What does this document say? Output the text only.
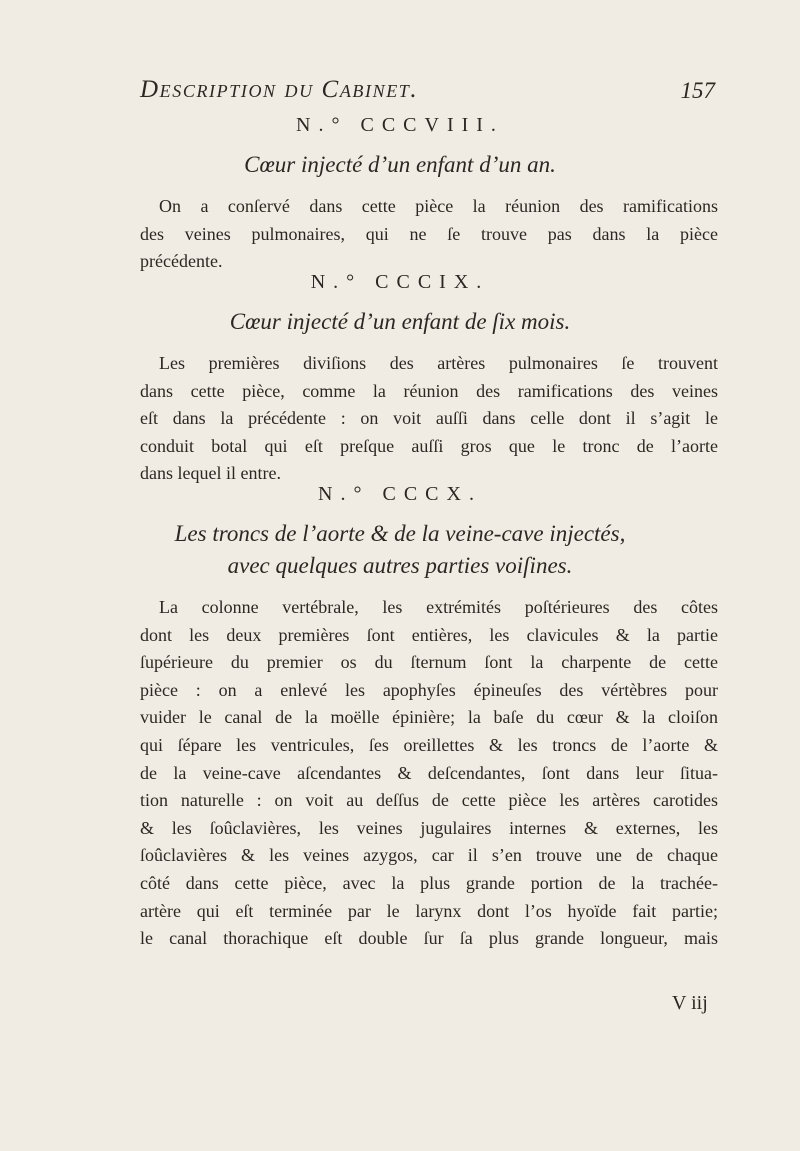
Description du Cabinet.	157
N.° CCCVIII.
Cœur injecté d’un enfant d’un an.
On a conſervé dans cette pièce la réunion des ramifications
des veines pulmonaires, qui ne ſe trouve pas dans la pièce
précédente.
N.° CCCIX.
Cœur injecté d’un enfant de ſix mois.
Les premières diviſions des artères pulmonaires ſe trouvent
dans cette pièce, comme la réunion des ramifications des veines
eſt dans la précédente : on voit auſſi dans celle dont il s’agit le
conduit botal qui eſt preſque auſſi gros que le tronc de l’aorte
dans lequel il entre.
N.° CCCX.
Les troncs de l’aorte & de la veine-cave injectés,
avec quelques autres parties voiſines.
La colonne vertébrale, les extrémités poſtérieures des côtes
dont les deux premières ſont entières, les clavicules & la partie
ſupérieure du premier os du ſternum ſont la charpente de cette
pièce : on a enlevé les apophyſes épineuſes des vértèbres pour
vuider le canal de la moëlle épinière; la baſe du cœur & la cloiſon
qui ſépare les ventricules, ſes oreillettes & les troncs de l’aorte &
de la veine-cave aſcendantes & deſcendantes, ſont dans leur ſitua-
tion naturelle : on voit au deſſus de cette pièce les artères carotides
& les ſoûclavières, les veines jugulaires internes & externes, les
ſoûclavières & les veines azygos, car il s’en trouve une de chaque
côté dans cette pièce, avec la plus grande portion de la trachée-
artère qui eſt terminée par le larynx dont l’os hyoïde fait partie;
le canal thorachique eſt double ſur ſa plus grande longueur, mais
V iij
